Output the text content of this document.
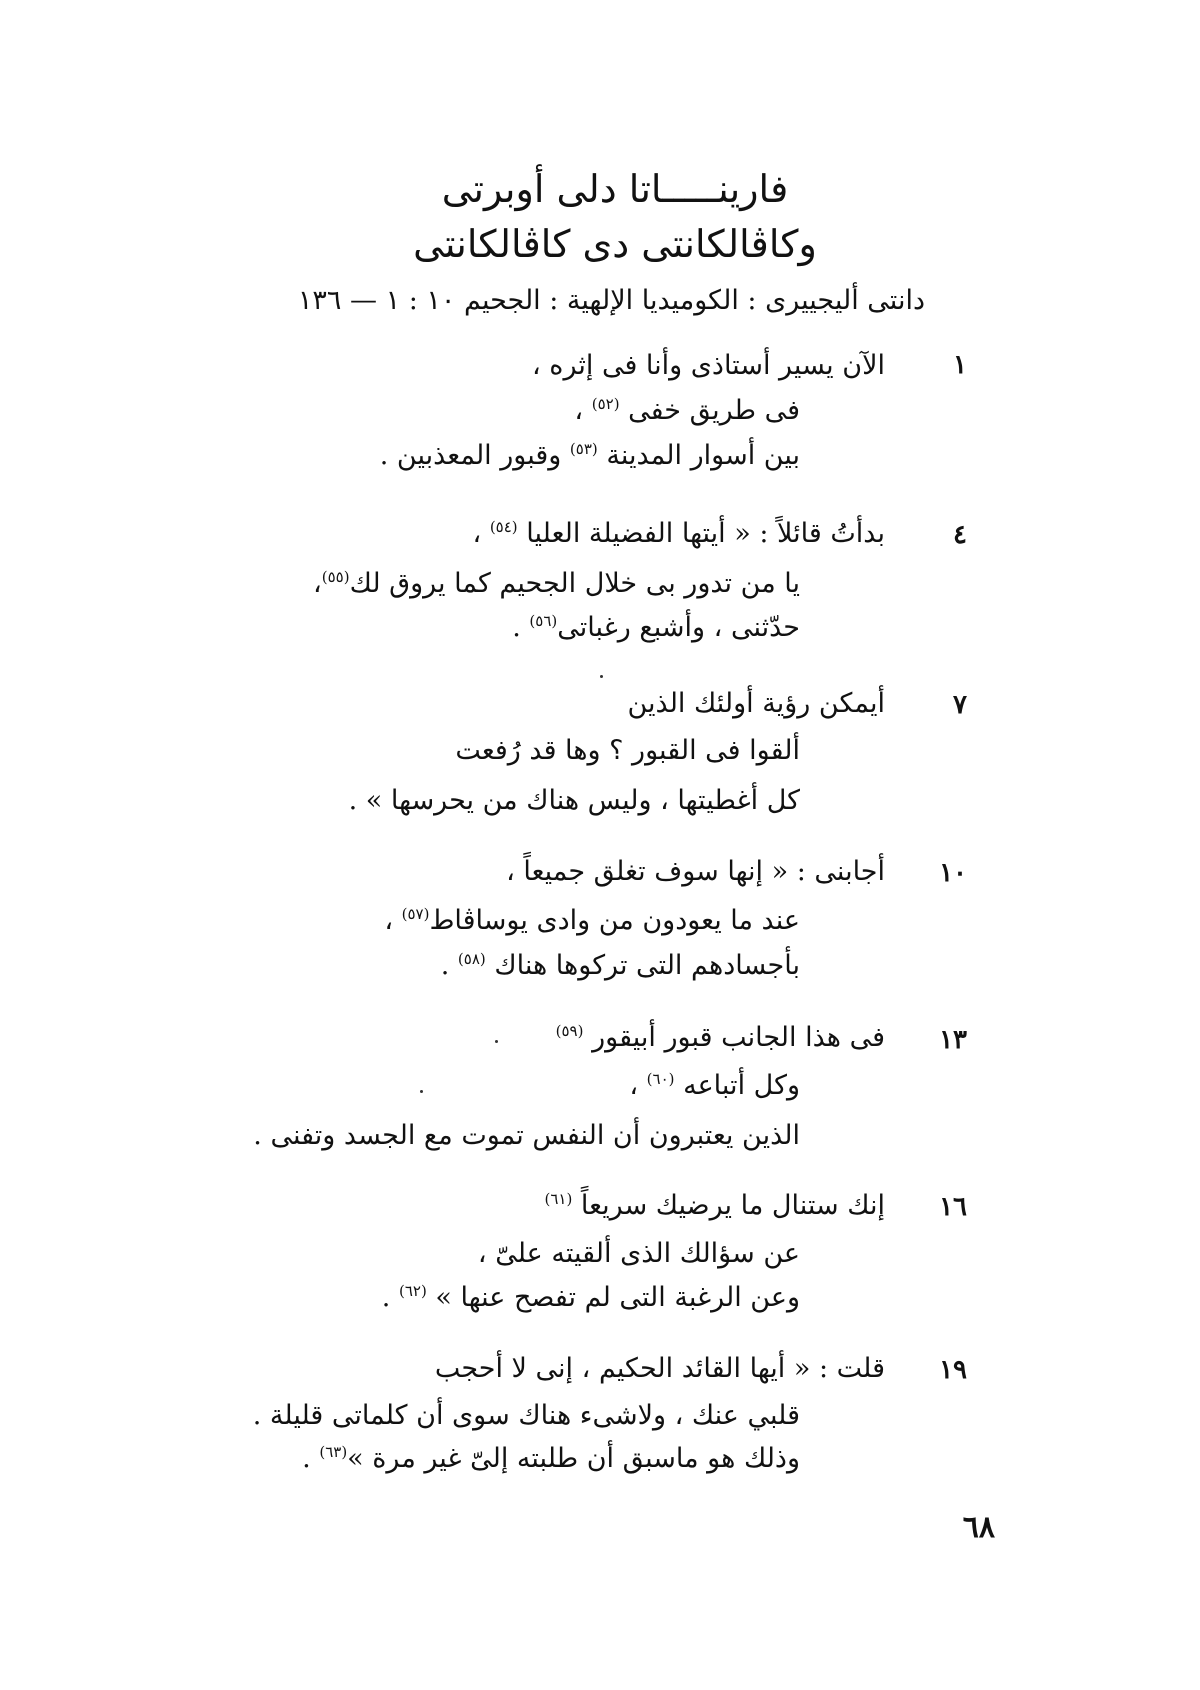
فارينـــــاتا دلى أوبرتى
وكاڤالكانتى دى كاڤالكانتى
دانتى أليجييرى : الكوميديا الإلهية : الجحيم ١٠ : ١ — ١٣٦
١
الآن يسير أستاذى وأنا فى إثره ،
فى طريق خفى $^{(٥٢)}$ ،
بين أسوار المدينة $^{(٥٣)}$ وقبور المعذبين .
٤
بدأتُ قائلاً : « أيتها الفضيلة العليا $^{(٥٤)}$ ،
يا من تدور بى خلال الجحيم كما يروق لك$^{(٥٥)}$،
حدّثنى ، وأشبع رغباتى$^{(٥٦)}$ .
٧
أيمكن رؤية أولئك الذين
ألقوا فى القبور ؟ وها قد رُفعت
كل أغطيتها ، وليس هناك من يحرسها » .
١٠
أجابنى : « إنها سوف تغلق جميعاً ،
عند ما يعودون من وادى يوساڤاط$^{(٥٧)}$ ،
بأجسادهم التى تركوها هناك $^{(٥٨)}$ .
١٣
فى هذا الجانب قبور أبيقور $^{(٥٩)}$
وكل أتباعه $^{(٦٠)}$ ،
الذين يعتبرون أن النفس تموت مع الجسد وتفنى .
١٦
إنك ستنال ما يرضيك سريعاً $^{(٦١)}$
عن سؤالك الذى ألقيته علىّ ،
وعن الرغبة التى لم تفصح عنها » $^{(٦٢)}$ .
١٩
قلت : « أيها القائد الحكيم ، إنى لا أحجب
قلبي عنك ، ولاشىء هناك سوى أن كلماتى قليلة .
وذلك هو ماسبق أن طلبته إلىّ غير مرة »$^{(٦٣)}$ .
٦٨
